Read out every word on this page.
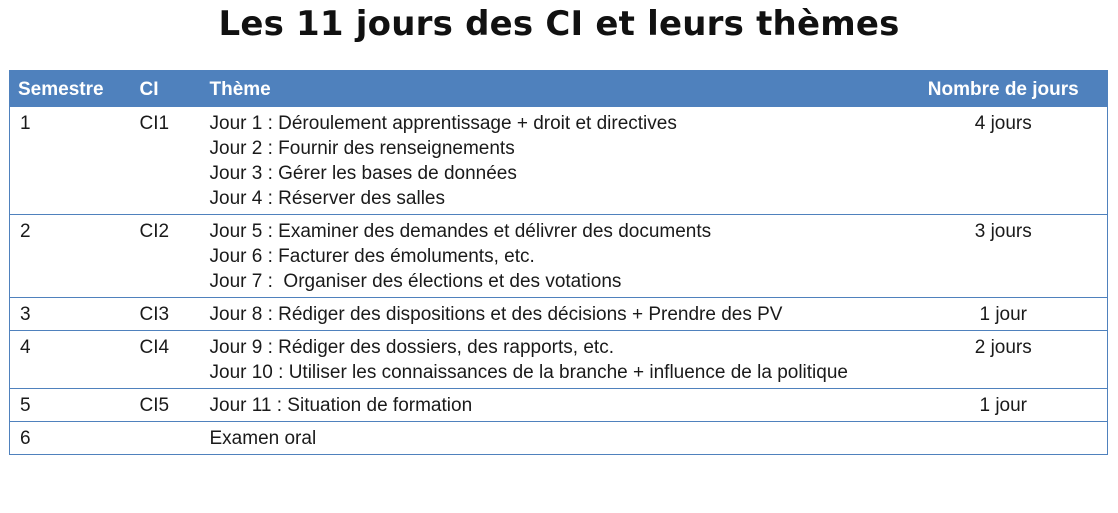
Les 11 jours des CI et leurs thèmes
Semestre	CI	Thème	Nombre de jours
1	CI1	Jour 1 : Déroulement apprentissage + droit et directives
Jour 2 : Fournir des renseignements
Jour 3 : Gérer les bases de données
Jour 4 : Réserver des salles	4 jours
2	CI2	Jour 5 : Examiner des demandes et délivrer des documents
Jour 6 : Facturer des émoluments, etc.
Jour 7 :  Organiser des élections et des votations	3 jours
3	CI3	Jour 8 : Rédiger des dispositions et des décisions + Prendre des PV	1 jour
4	CI4	Jour 9 : Rédiger des dossiers, des rapports, etc.
Jour 10 : Utiliser les connaissances de la branche + influence de la politique	2 jours
5	CI5	Jour 11 : Situation de formation	1 jour
6		Examen oral	
